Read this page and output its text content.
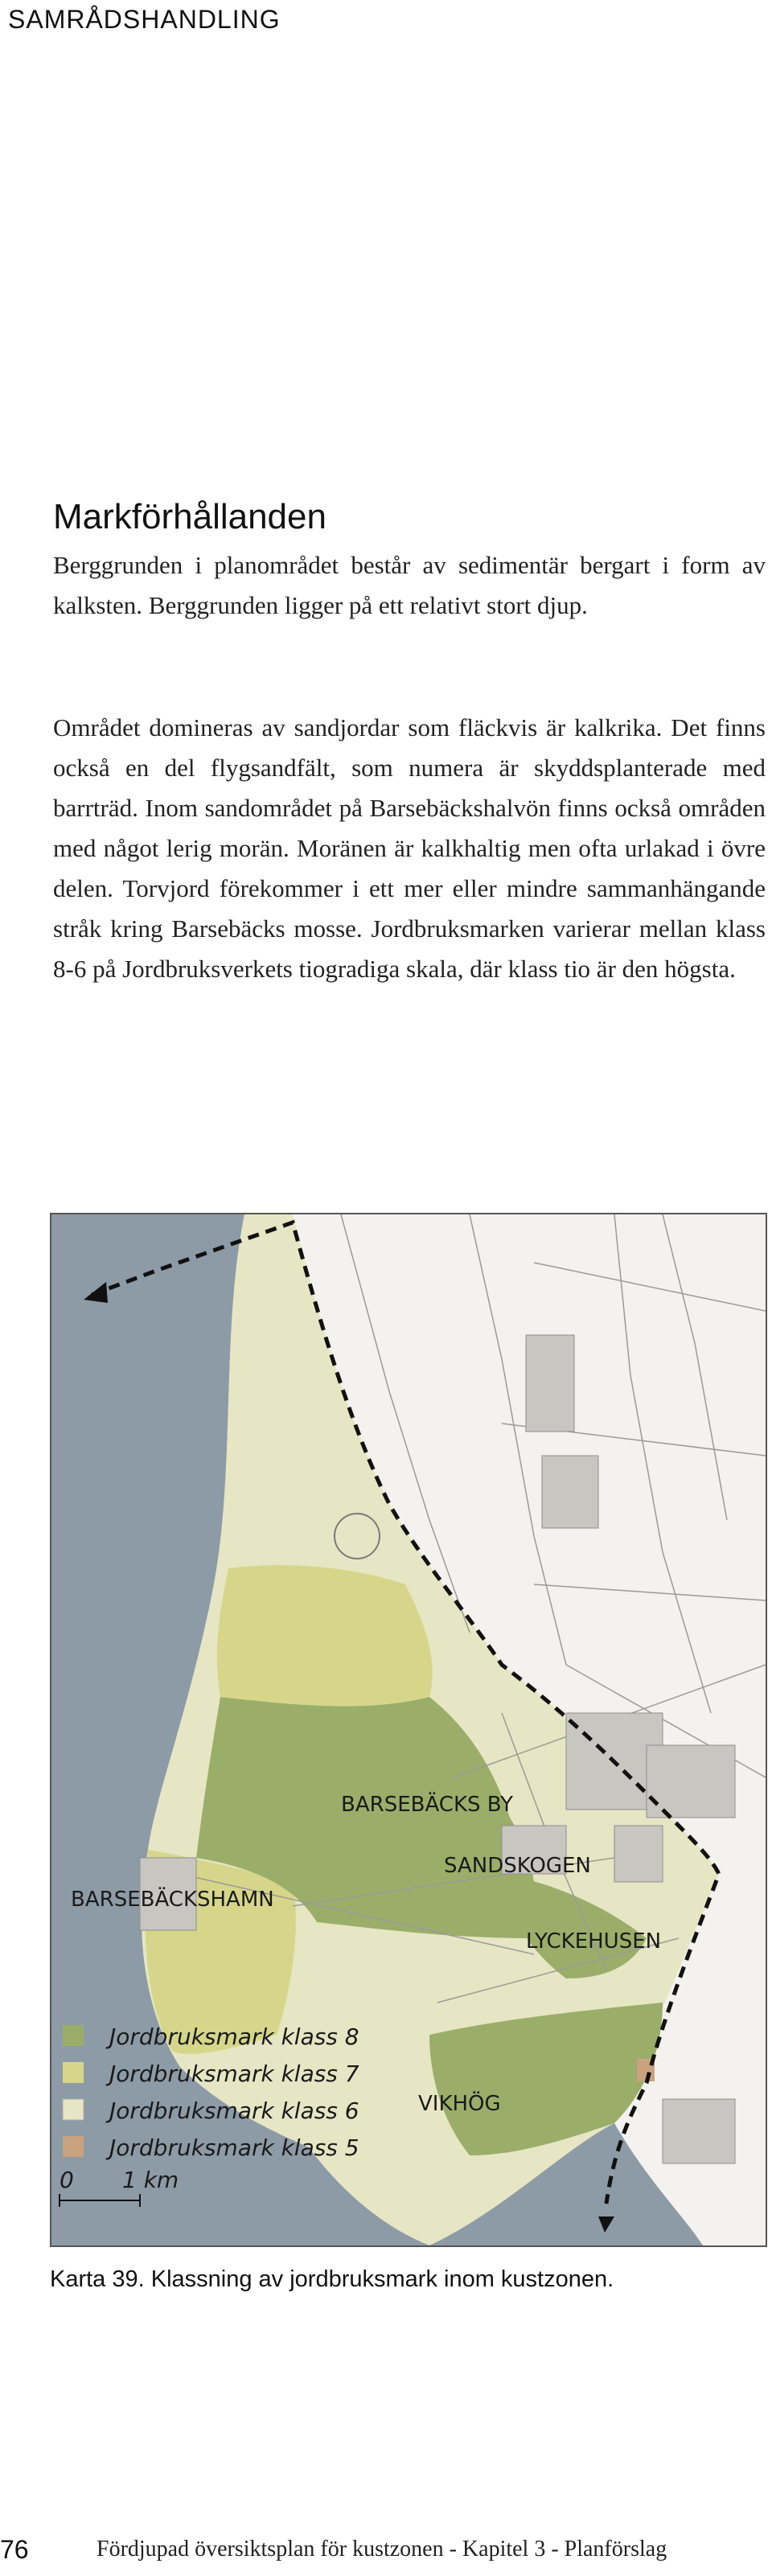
SAMRÅDSHANDLING
Markförhållanden

Berggrunden i planområdet består av sedimentär bergart i form av kalksten. Berggrunden ligger på ett relativt stort djup.

Området domineras av sandjordar som fläckvis är kalkrika. Det finns också en del flygsandfält, som numera är skyddsplanterade med barrträd. Inom sandområdet på Barsebäckshalvön finns också områden med något lerig morän. Moränen är kalkhaltig men ofta urlakad i övre delen. Torvjord förekommer i ett mer eller mindre sammanhängande stråk kring Barsebäcks mosse. Jordbruksmarken varierar mellan klass 8-6 på Jordbruksverkets tiogradiga skala, där klass tio är den högsta.

BARSEBÄCKS BY
SANDSKOGEN
BARSEBÄCKSHAMN
LYCKEHUSEN
VIKHÖG
Jordbruksmark klass 8
Jordbruksmark klass 7
Jordbruksmark klass 6
Jordbruksmark klass 5
0 1 km
Karta 39. Klassning av jordbruksmark inom kustzonen.
76	Fördjupad översiktsplan för kustzonen - Kapitel 3 - Planförslag
